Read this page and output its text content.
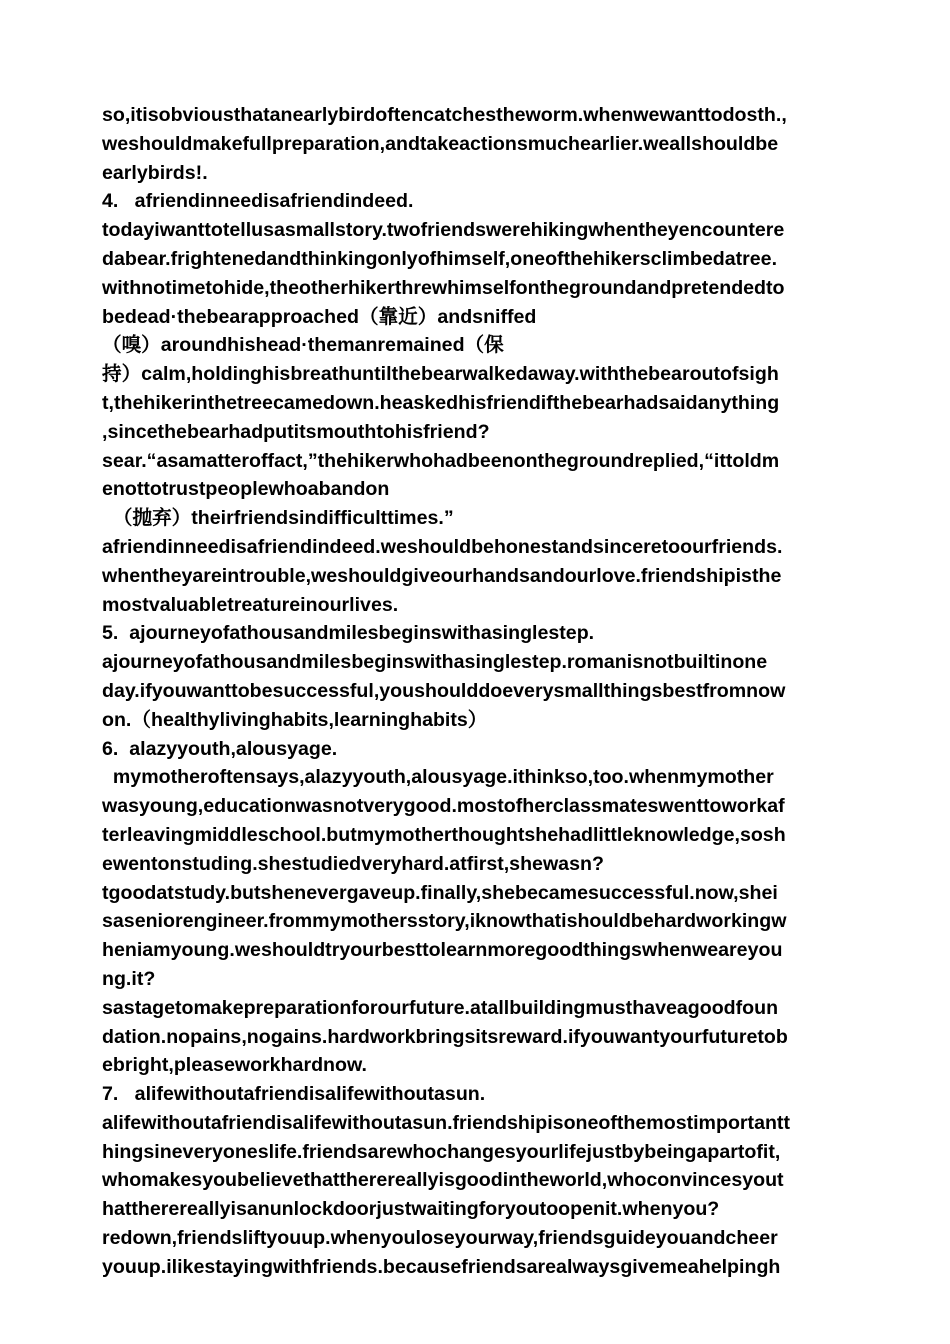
so,itisobviousthatanearlybirdoftencatchestheworm.whenwewanttodosth.,
weshouldmakefullpreparation,andtakeactionsmuchearlier.weallshouldbe
earlybirds!.
4.   afriendinneedisafriendindeed.
todayiwanttotellusasmallstory.twofriendswerehikingwhentheyencountere
dabear.frightenedandthinkingonlyofhimself,oneofthehikersclimbedatree.
withnotimetohide,theotherhikerthrewhimselfonthegroundandpretendedto
bedead·thebearapproached（靠近）andsniffed
（嗅）aroundhishead·themanremained（保
持）calm,holdinghisbreathuntilthebearwalkedaway.withthebearoutofsigh
t,thehikerinthetreecamedown.heaskedhisfriendifthebearhadsaidanything
,sincethebearhadputitsmouthtohisfriend?
sear.“asamatteroffact,”thehikerwhohadbeenonthegroundreplied,“ittoldm
enottotrustpeoplewhoabandon
（抛弃）theirfriendsindifficulttimes.”
afriendinneedisafriendindeed.weshouldbehonestandsinceretoourfriends.
whentheyareintrouble,weshouldgiveourhandsandourlove.friendshipisthe
mostvaluabletreatureinourlives.
5.  ajourneyofathousandmilesbeginswithasinglestep.
ajourneyofathousandmilesbeginswithasinglestep.romanisnotbuiltinone
day.ifyouwanttobesuccessful,youshoulddoeverysmallthingsbestfromnow
on.（healthylivinghabits,learninghabits）
6.  alazyyouth,alousyage.
mymotheroftensays,alazyyouth,alousyage.ithinkso,too.whenmymother
wasyoung,educationwasnotverygood.mostofherclassmateswenttoworkaf
terleavingmiddleschool.butmymotherthoughtshehadlittleknowledge,sosh
ewentonstuding.shestudiedveryhard.atfirst,shewasn?
tgoodatstudy.butshenevergaveup.finally,shebecamesuccessful.now,shei
saseniorengineer.frommymothersstory,iknowthatishouldbehardworkingw
heniamyoung.weshouldtryourbesttolearnmoregoodthingswhenweareyou
ng.it?
sastagetomakepreparationforourfuture.atallbuildingmusthaveagoodfoun
dation.nopains,nogains.hardworkbringsitsreward.ifyouwantyourfuturetob
ebright,pleaseworkhardnow.
7.   alifewithoutafriendisalifewithoutasun.
alifewithoutafriendisalifewithoutasun.friendshipisoneofthemostimportantt
hingsineveryoneslife.friendsarewhochangesyourlifejustbybeingapartofit,
whomakesyoubelievethattherereallyisgoodintheworld,whoconvincesyout
hattherereallyisanunlockdoorjustwaitingforyoutoopenit.whenyou?
redown,friendsliftyouup.whenyouloseyourway,friendsguideyouandcheer
youup.ilikestayingwithfriends.becausefriendsarealwaysgivemeahelpingh
